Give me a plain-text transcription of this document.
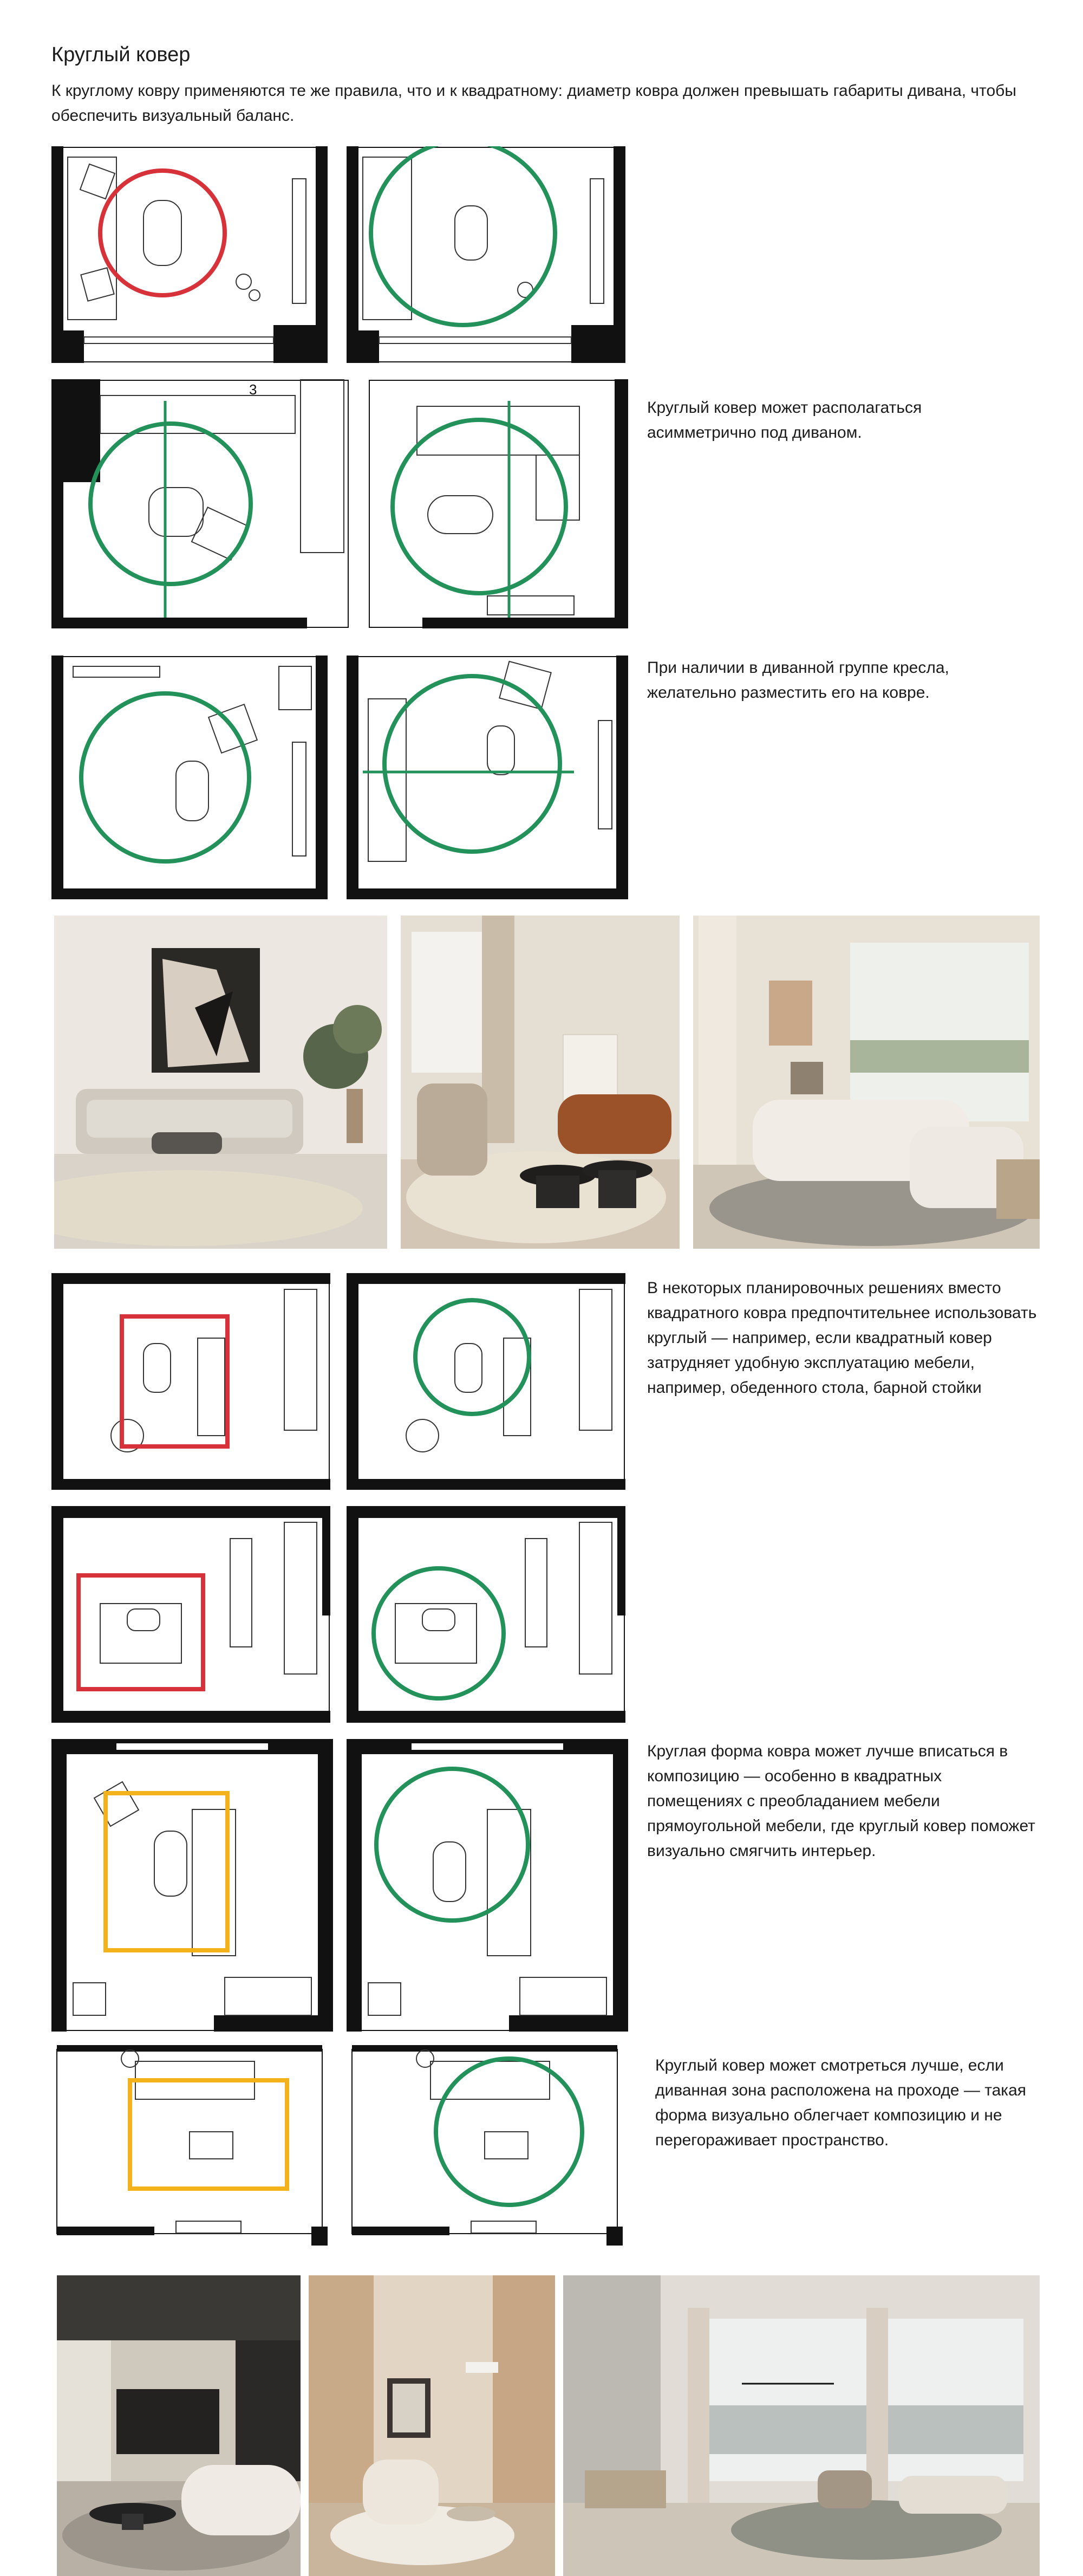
Круглый ковер

К круглому ковру применяются те же правила, что и к квадратному: диаметр ковра должен превышать габариты дивана, чтобы обеспечить визуальный баланс.

3

Круглый ковер может располагаться асимметрично под диваном.

При наличии в диванной группе кресла, желательно разместить его на ковре.

В некоторых планировочных решениях вместо квадратного ковра предпочтительнее использовать круглый — например, если квадратный ковер затрудняет удобную эксплуатацию мебели, например, обеденного стола, барной стойки

Круглая форма ковра может лучше вписаться в композицию — особенно в квадратных помещениях с преобладанием мебели прямоугольной мебели, где круглый ковер поможет визуально смягчить интерьер.

Круглый ковер может смотреться лучше, если диванная зона расположена на проходе — такая форма визуально облегчает композицию и не перегораживает пространство.
